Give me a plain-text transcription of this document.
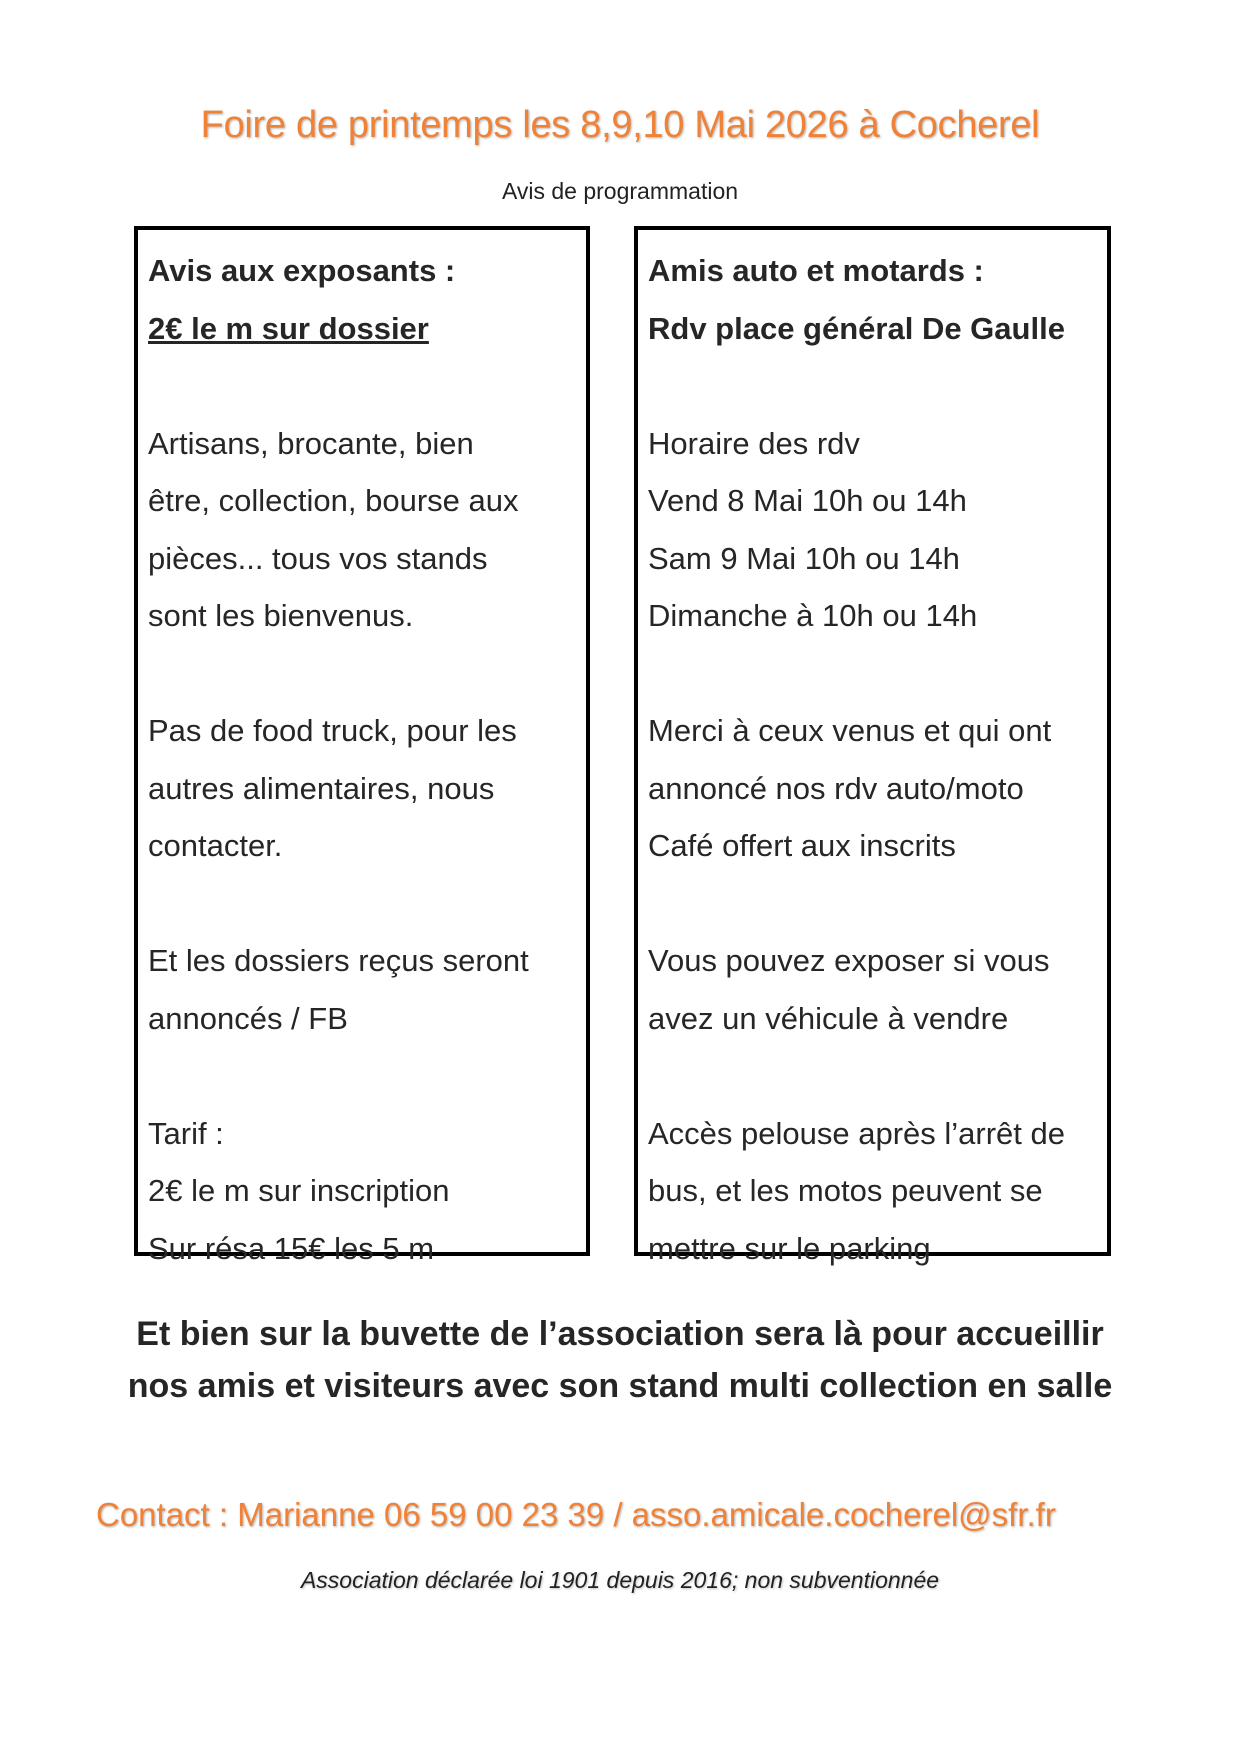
Foire de printemps les 8,9,10 Mai 2026 à Cocherel
Avis de programmation
Avis aux exposants :
2€ le m sur dossier
Artisans, brocante, bien
être, collection, bourse aux
pièces... tous vos stands
sont les bienvenus.
Pas de food truck, pour les
autres alimentaires, nous
contacter.
Et les dossiers reçus seront
annoncés / FB
Tarif :
2€ le m sur inscription
Sur résa 15€ les 5 m
Amis auto et motards :
Rdv place général De Gaulle
Horaire des rdv
Vend 8 Mai 10h ou 14h
Sam 9 Mai 10h ou 14h
Dimanche à 10h ou 14h
Merci à ceux venus et qui ont
annoncé nos rdv auto/moto
Café offert aux inscrits
Vous pouvez exposer si vous
avez un véhicule à vendre
Accès pelouse après l’arrêt de
bus, et les motos peuvent se
mettre sur le parking
Et bien sur la buvette de l’association sera là pour accueillir
nos amis et visiteurs avec son stand multi collection en salle
Contact : Marianne 06 59 00 23 39 / asso.amicale.cocherel@sfr.fr
Association déclarée loi 1901 depuis 2016; non subventionnée
